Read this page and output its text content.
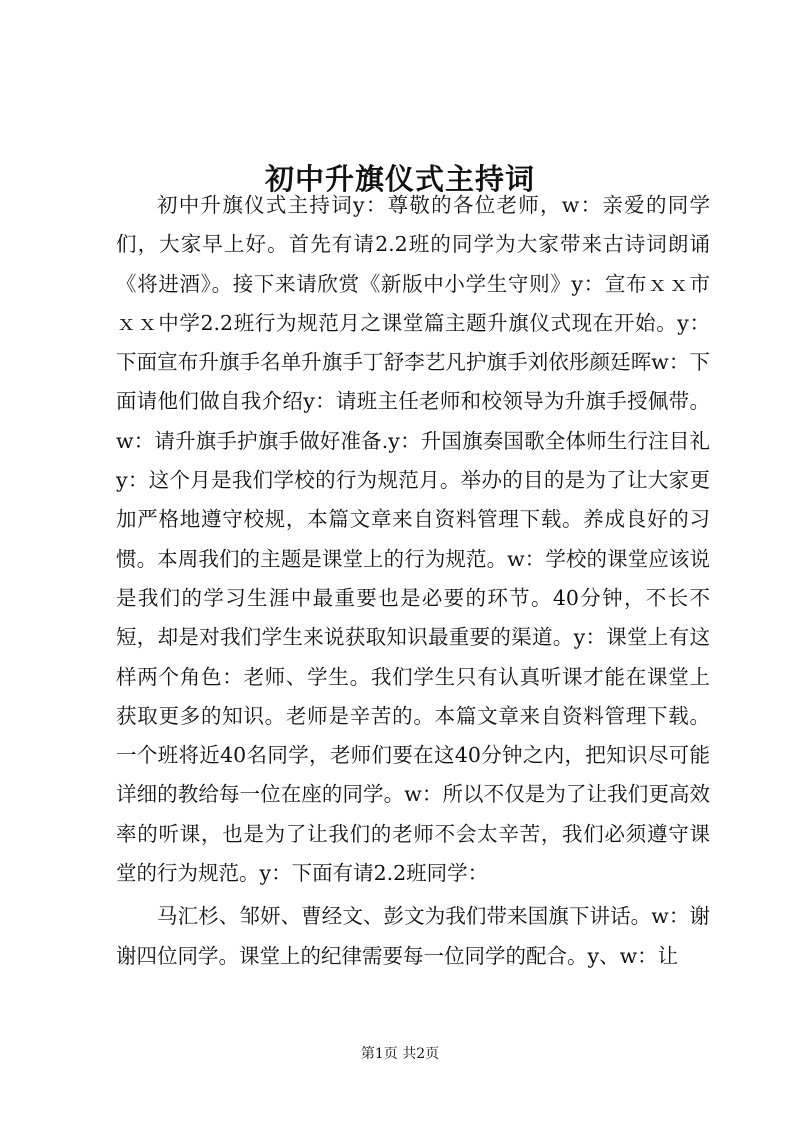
初中升旗仪式主持词

初中升旗仪式主持词y：尊敬的各位老师，w：亲爱的同学们，大家早上好。首先有请2.2班的同学为大家带来古诗词朗诵《将进酒》。接下来请欣赏《新版中小学生守则》y：宣布ｘｘ市ｘｘ中学2.2班行为规范月之课堂篇主题升旗仪式现在开始。y：下面宣布升旗手名单升旗手丁舒李艺凡护旗手刘依彤颜廷晖w：下面请他们做自我介绍y：请班主任老师和校领导为升旗手授佩带。w：请升旗手护旗手做好准备.y：升国旗奏国歌全体师生行注目礼y：这个月是我们学校的行为规范月。举办的目的是为了让大家更加严格地遵守校规，本篇文章来自资料管理下载。养成良好的习惯。本周我们的主题是课堂上的行为规范。w：学校的课堂应该说是我们的学习生涯中最重要也是必要的环节。40分钟，不长不短，却是对我们学生来说获取知识最重要的渠道。y：课堂上有这样两个角色：老师、学生。我们学生只有认真听课才能在课堂上获取更多的知识。老师是辛苦的。本篇文章来自资料管理下载。一个班将近40名同学，老师们要在这40分钟之内，把知识尽可能详细的教给每一位在座的同学。w：所以不仅是为了让我们更高效率的听课，也是为了让我们的老师不会太辛苦，我们必须遵守课堂的行为规范。y：下面有请2.2班同学：

马汇杉、邹妍、曹经文、彭文为我们带来国旗下讲话。w：谢谢四位同学。课堂上的纪律需要每一位同学的配合。y、w：让

第1页 共2页
